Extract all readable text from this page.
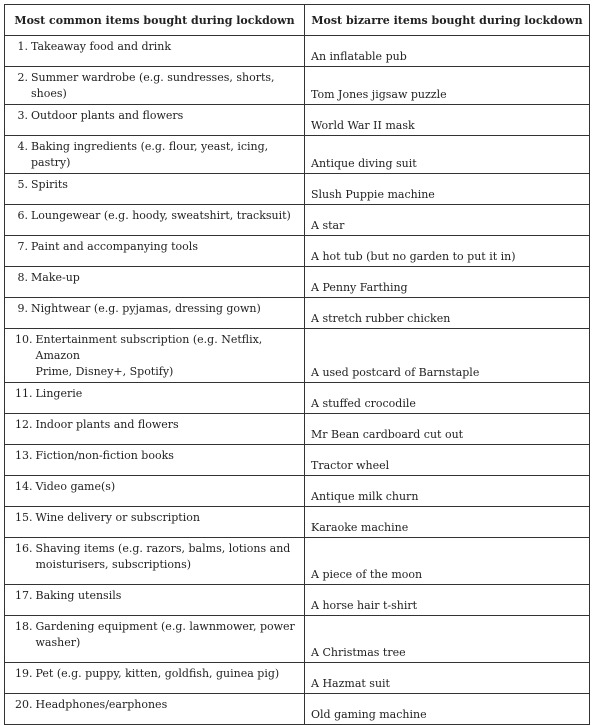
Most common items bought during lockdown	Most bizarre items bought during lockdown

1. Takeaway food and drink	An inflatable pub

2. Summer wardrobe (e.g. sundresses, shorts, shoes)	Tom Jones jigsaw puzzle

3. Outdoor plants and flowers	World War II mask

4. Baking ingredients (e.g. flour, yeast, icing, pastry)	Antique diving suit

5. Spirits	Slush Puppie machine

6. Loungewear (e.g. hoody, sweatshirt, tracksuit)	A star

7. Paint and accompanying tools	A hot tub (but no garden to put it in)

8. Make-up	A Penny Farthing

9. Nightwear (e.g. pyjamas, dressing gown)	A stretch rubber chicken

10. Entertainment subscription (e.g. Netflix, Amazon
Prime, Disney+, Spotify)	A used postcard of Barnstaple

11. Lingerie	A stuffed crocodile

12. Indoor plants and flowers	Mr Bean cardboard cut out

13. Fiction/non-fiction books	Tractor wheel

14. Video game(s)	Antique milk churn

15. Wine delivery or subscription	Karaoke machine

16. Shaving items (e.g. razors, balms, lotions and
moisturisers, subscriptions)	A piece of the moon

17. Baking utensils	A horse hair t-shirt

18. Gardening equipment (e.g. lawnmower, power
washer)	A Christmas tree

19. Pet (e.g. puppy, kitten, goldfish, guinea pig)	A Hazmat suit

20. Headphones/earphones	Old gaming machine
